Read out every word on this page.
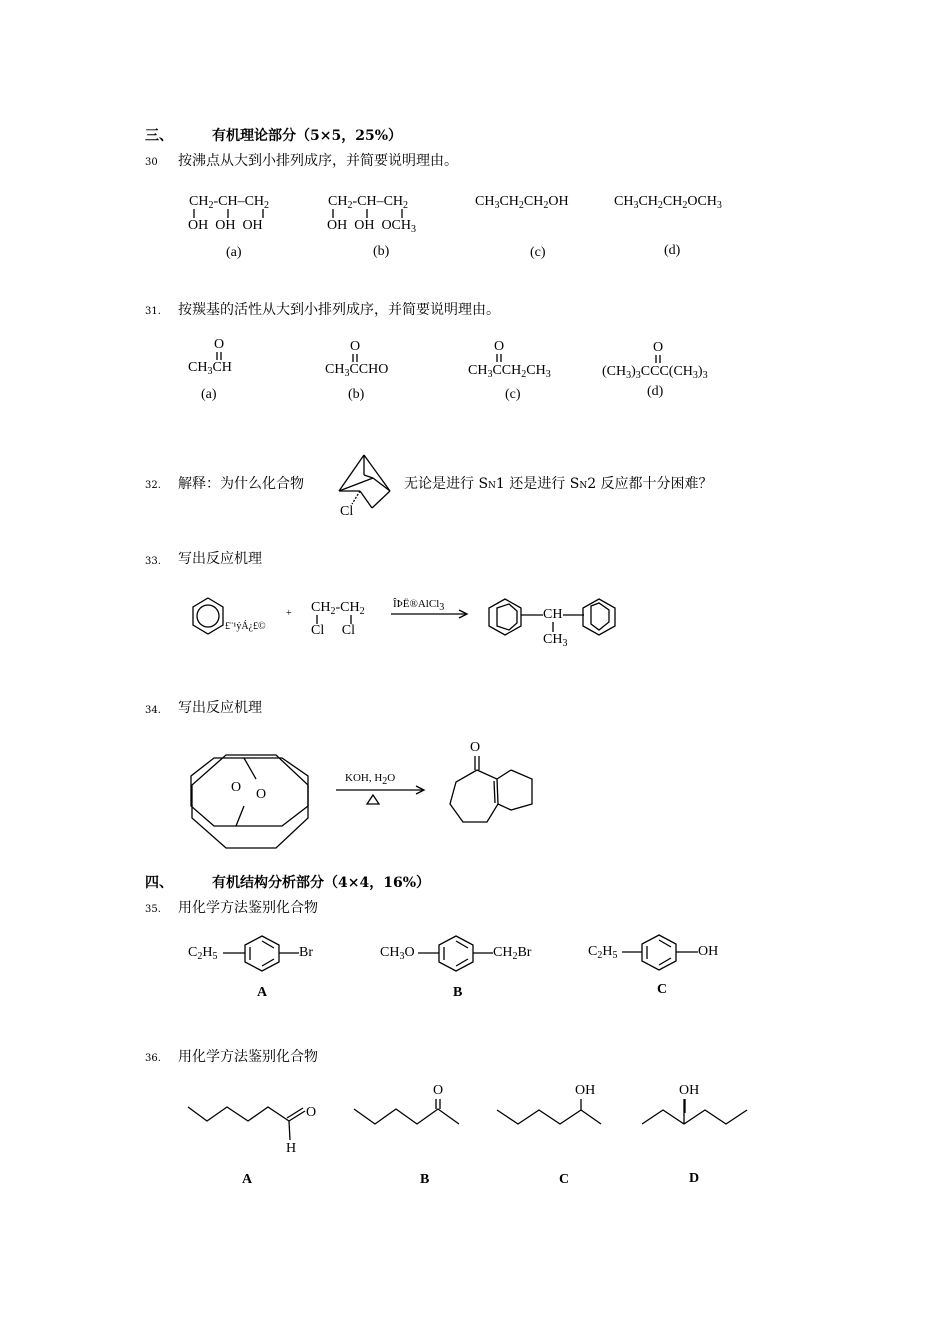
三、	有机理论部分（5×5，25%）
30 按沸点从大到小排列成序，并简要说明理由。
$CH_2-CH-CH_2$
OH  OH  OH
$CH_2-CH-CH_2$
OH  OH  $OCH_3$
$CH_3CH_2CH_2OH$	$CH_3CH_2CH_2OCH_3$
(a)	(b)	(c)	(d)
31. 按羰基的活性从大到小排列成序，并简要说明理由。
O
$CH_3CH$
O
$CH_3CCHO$
O
$CH_3CCH_2CH_3$
O
$(CH_3)_3CCC(CH_3)_3$
(a)	(b)	(c)	(d)
32. 解释：为什么化合物	无论是进行 SN1 还是进行 SN2 反应都十分困难？
Cl
33. 写出反应机理
£¨¹ýÁ¿£©
+ $CH_2-CH_2$
Cl     Cl
ÎÞË®AlCl$_3$	CH
$CH_3$
34. 写出反应机理
O O
KOH, $H_2O$
O
四、	有机结构分析部分（4×4，16%）
35. 用化学方法鉴别化合物
$C_2H_5$	Br	$CH_3O$	$CH_2Br$	$C_2H_5$	OH
A	B	C
36. 用化学方法鉴别化合物
O
H
O	OH	OH
A	B	C	D
